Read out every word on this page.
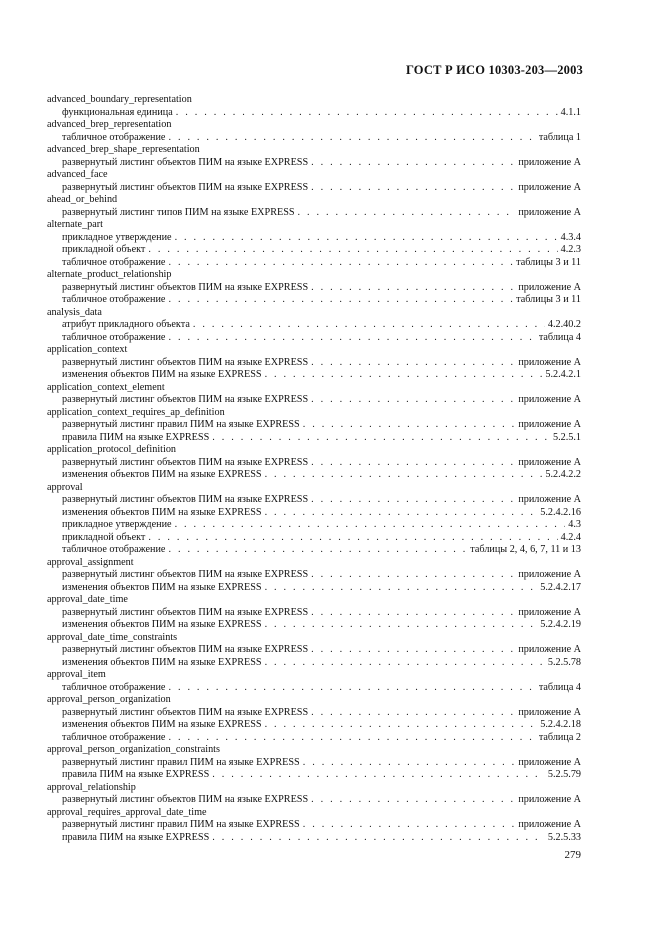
ГОСТ Р ИСО 10303-203—2003
advanced_boundary_representation
функциональная единица . . .	4.1.1
advanced_brep_representation
табличное отображение . . .	таблица 1
advanced_brep_shape_representation
развернутый листинг объектов ПИМ на языке EXPRESS . . .	приложение А
advanced_face
развернутый листинг объектов ПИМ на языке EXPRESS . . .	приложение А
ahead_or_behind
развернутый листинг типов ПИМ на языке EXPRESS . . .	приложение А
alternate_part
прикладное утверждение . . .	4.3.4
прикладной объект . . .	4.2.3
табличное отображение . . .	таблицы 3 и 11
alternate_product_relationship
развернутый листинг объектов ПИМ на языке EXPRESS . . .	приложение А
табличное отображение . . .	таблицы 3 и 11
analysis_data
атрибут прикладного объекта . . .	4.2.40.2
табличное отображение . . .	таблица 4
application_context
развернутый листинг объектов ПИМ на языке EXPRESS . . .	приложение А
изменения объектов ПИМ на языке EXPRESS . . .	5.2.4.2.1
application_context_element
развернутый листинг объектов ПИМ на языке EXPRESS . . .	приложение А
application_context_requires_ap_definition
развернутый листинг правил ПИМ на языке EXPRESS . . .	приложение А
правила ПИМ на языке EXPRESS . . .	5.2.5.1
application_protocol_definition
развернутый листинг объектов ПИМ на языке EXPRESS . . .	приложение А
изменения объектов ПИМ на языке EXPRESS . . .	5.2.4.2.2
approval
развернутый листинг объектов ПИМ на языке EXPRESS . . .	приложение А
изменения объектов ПИМ на языке EXPRESS . . .	5.2.4.2.16
прикладное утверждение . . .	4.3
прикладной объект . . .	4.2.4
табличное отображение . . .	таблицы 2, 4, 6, 7, 11 и 13
approval_assignment
развернутый листинг объектов ПИМ на языке EXPRESS . . .	приложение А
изменения объектов ПИМ на языке EXPRESS . . .	5.2.4.2.17
approval_date_time
развернутый листинг объектов ПИМ на языке EXPRESS . . .	приложение А
изменения объектов ПИМ на языке EXPRESS . . .	5.2.4.2.19
approval_date_time_constraints
развернутый листинг объектов ПИМ на языке EXPRESS . . .	приложение А
изменения объектов ПИМ на языке EXPRESS . . .	5.2.5.78
approval_item
табличное отображение . . .	таблица 4
approval_person_organization
развернутый листинг объектов ПИМ на языке EXPRESS . . .	приложение А
изменения объектов ПИМ на языке EXPRESS . . .	5.2.4.2.18
табличное отображение . . .	таблица 2
approval_person_organization_constraints
развернутый листинг правил ПИМ на языке EXPRESS . . .	приложение А
правила ПИМ на языке EXPRESS . . .	5.2.5.79
approval_relationship
развернутый листинг объектов ПИМ на языке EXPRESS . . .	приложение А
approval_requires_approval_date_time
развернутый листинг правил ПИМ на языке EXPRESS . . .	приложение А
правила ПИМ на языке EXPRESS . . .	5.2.5.33
279
